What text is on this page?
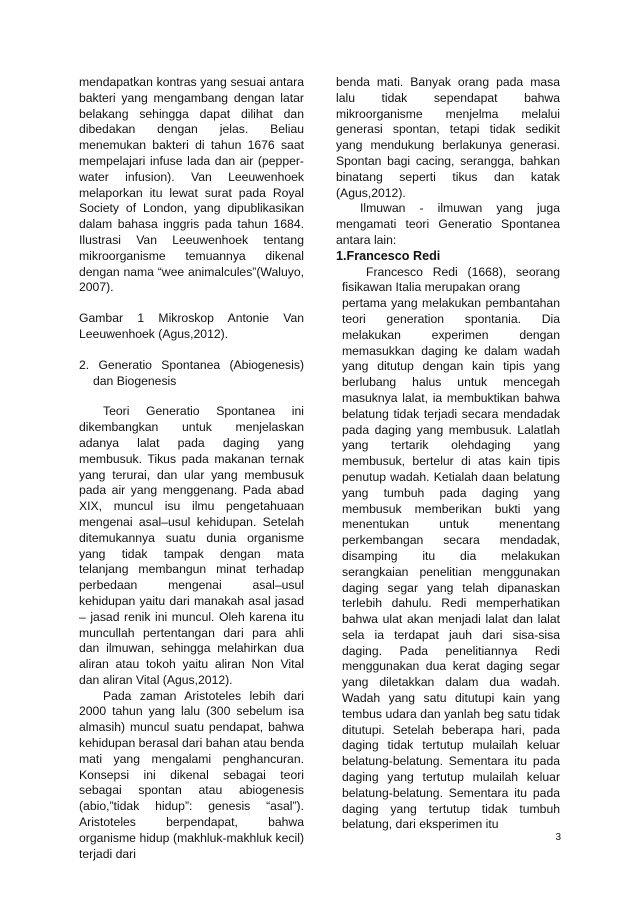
mendapatkan kontras yang sesuai antara bakteri yang mengambang dengan latar belakang sehingga dapat dilihat dan dibedakan dengan jelas. Beliau menemukan bakteri di tahun 1676 saat mempelajari infuse lada dan air (pepper-water infusion). Van Leeuwenhoek melaporkan itu lewat surat pada Royal Society of London, yang dipublikasikan dalam bahasa inggris pada tahun 1684. Ilustrasi Van Leeuwenhoek tentang mikroorganisme temuannya dikenal dengan nama “wee animalcules”(Waluyo, 2007).

Gambar 1 Mikroskop Antonie Van Leeuwenhoek (Agus,2012).

2. Generatio Spontanea (Abiogenesis) dan Biogenesis

Teori Generatio Spontanea ini dikembangkan untuk menjelaskan adanya lalat pada daging yang membusuk. Tikus pada makanan ternak yang terurai, dan ular yang membusuk pada air yang menggenang. Pada abad XIX, muncul isu ilmu pengetahuaan mengenai asal–usul kehidupan. Setelah ditemukannya suatu dunia organisme yang tidak tampak dengan mata telanjang membangun minat terhadap perbedaan mengenai asal–usul kehidupan yaitu dari manakah asal jasad – jasad renik ini muncul. Oleh karena itu muncullah pertentangan dari para ahli dan ilmuwan, sehingga melahirkan dua aliran atau tokoh yaitu aliran Non Vital dan aliran Vital (Agus,2012).

Pada zaman Aristoteles lebih dari 2000 tahun yang lalu (300 sebelum isa almasih) muncul suatu pendapat, bahwa kehidupan berasal dari bahan atau benda mati yang mengalami penghancuran. Konsepsi ini dikenal sebagai teori sebagai spontan atau abiogenesis (abio,”tidak hidup”: genesis “asal”). Aristoteles berpendapat, bahwa organisme hidup (makhluk-makhluk kecil) terjadi dari

benda mati. Banyak orang pada masa lalu tidak sependapat bahwa mikroorganisme menjelma melalui generasi spontan, tetapi tidak sedikit yang mendukung berlakunya generasi. Spontan bagi cacing, serangga, bahkan binatang seperti tikus dan katak (Agus,2012).

Ilmuwan - ilmuwan yang juga mengamati teori Generatio Spontanea antara lain:

1.Francesco Redi

Francesco Redi (1668), seorang fisikawan Italia merupakan orang

pertama yang melakukan pembantahan teori generation spontania. Dia melakukan experimen dengan memasukkan daging ke dalam wadah yang ditutup dengan kain tipis yang berlubang halus untuk mencegah masuknya lalat, ia membuktikan bahwa belatung tidak terjadi secara mendadak pada daging yang membusuk. Lalatlah yang tertarik olehdaging yang membusuk, bertelur di atas kain tipis penutup wadah. Ketialah daan belatung yang tumbuh pada daging yang membusuk memberikan bukti yang menentukan untuk menentang perkembangan secara mendadak, disamping itu dia melakukan serangkaian penelitian menggunakan daging segar yang telah dipanaskan terlebih dahulu. Redi memperhatikan bahwa ulat akan menjadi lalat dan lalat sela ia terdapat jauh dari sisa-sisa daging. Pada penelitiannya Redi menggunakan dua kerat daging segar yang diletakkan dalam dua wadah. Wadah yang satu ditutupi kain yang tembus udara dan yanlah beg satu tidak ditutupi. Setelah beberapa hari, pada daging tidak tertutup mulailah keluar belatung-belatung. Sementara itu pada daging yang tertutup mulailah keluar belatung-belatung. Sementara itu pada daging yang tertutup tidak tumbuh belatung, dari eksperimen itu

3
